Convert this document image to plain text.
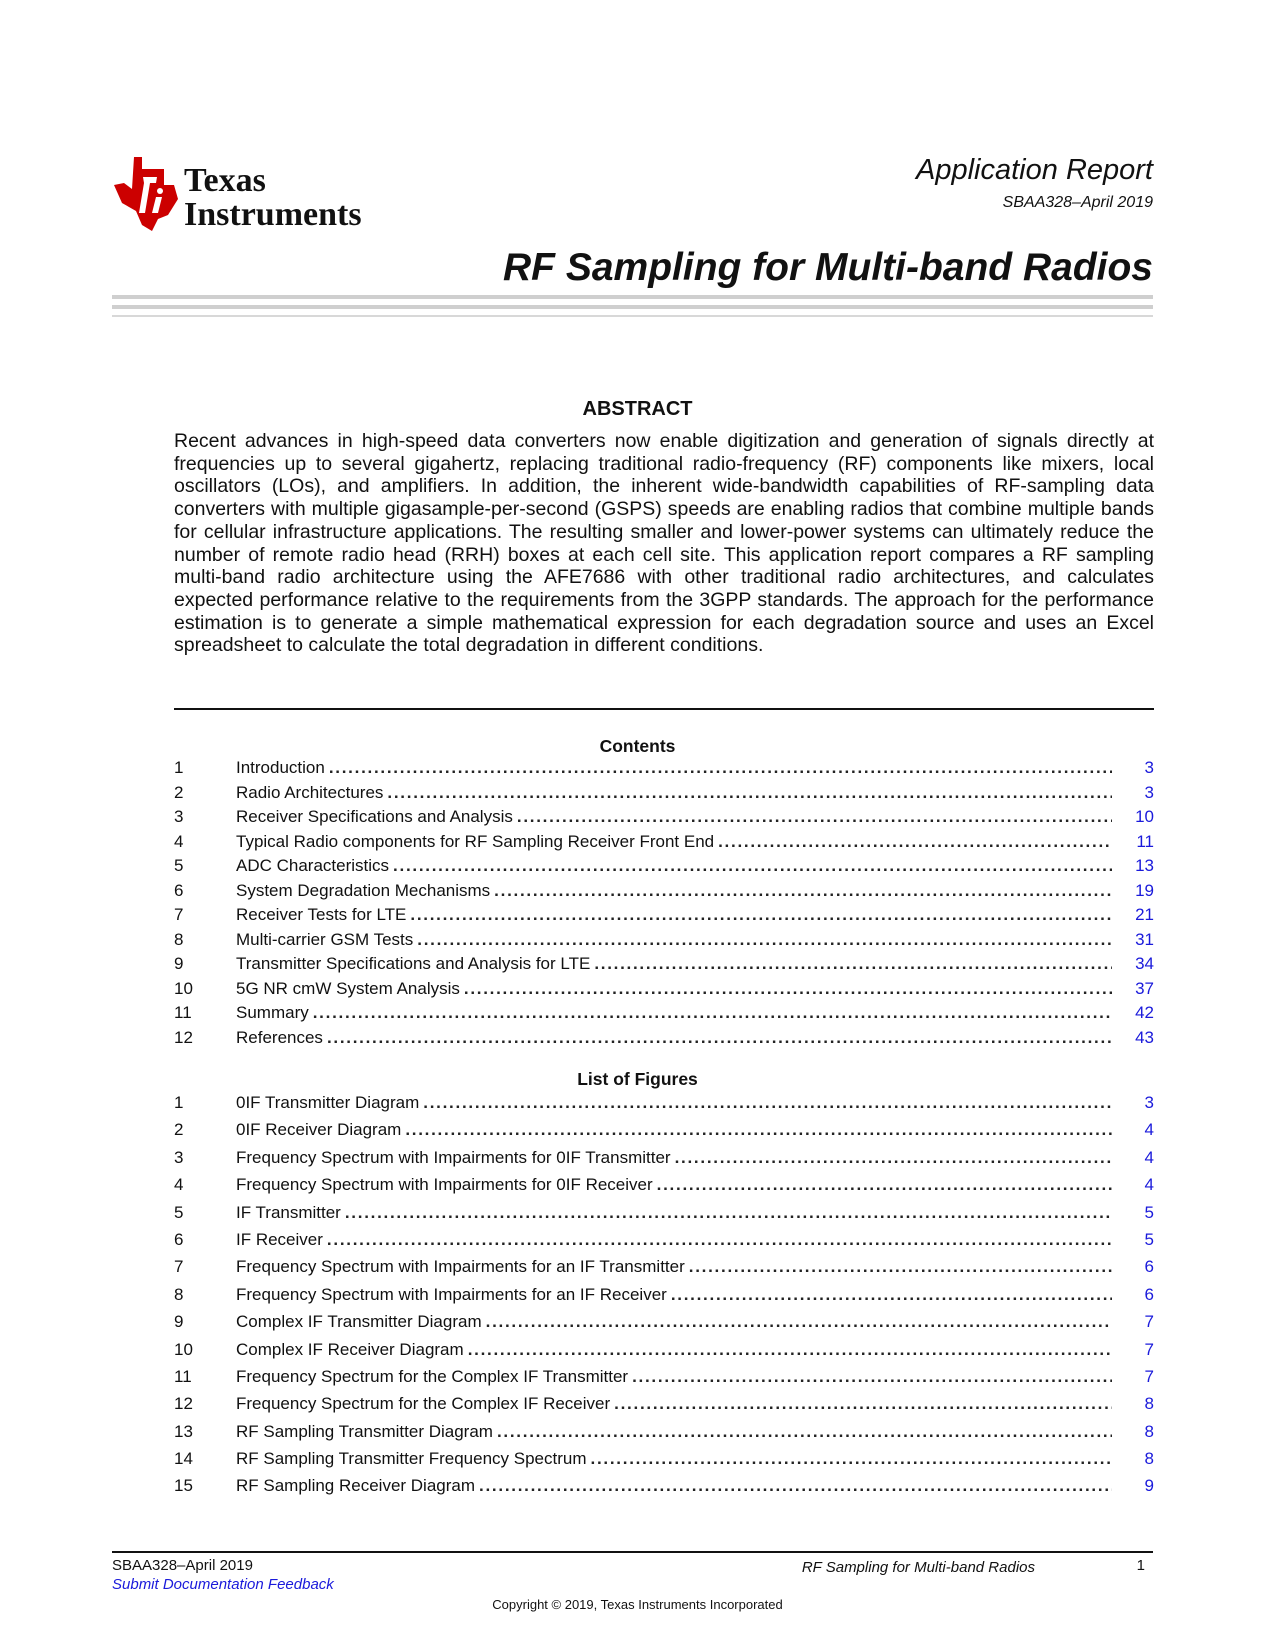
Texas
Instruments
Application Report
SBAA328–April 2019
RF Sampling for Multi-band Radios
ABSTRACT

Recent advances in high-speed data converters now enable digitization and generation of signals directly at frequencies up to several gigahertz, replacing traditional radio-frequency (RF) components like mixers, local oscillators (LOs), and amplifiers. In addition, the inherent wide-bandwidth capabilities of RF-sampling data converters with multiple gigasample-per-second (GSPS) speeds are enabling radios that combine multiple bands for cellular infrastructure applications. The resulting smaller and lower-power systems can ultimately reduce the number of remote radio head (RRH) boxes at each cell site. This application report compares a RF sampling multi-band radio architecture using the AFE7686 with other traditional radio architectures, and calculates expected performance relative to the requirements from the 3GPP standards. The approach for the performance estimation is to generate a simple mathematical expression for each degradation source and uses an Excel spreadsheet to calculate the total degradation in different conditions.

Contents
1	Introduction . . .	3
2	Radio Architectures . . .	3
3	Receiver Specifications and Analysis . . .	10
4	Typical Radio components for RF Sampling Receiver Front End . . .	11
5	ADC Characteristics . . .	13
6	System Degradation Mechanisms . . .	19
7	Receiver Tests for LTE . . .	21
8	Multi-carrier GSM Tests . . .	31
9	Transmitter Specifications and Analysis for LTE . . .	34
10	5G NR cmW System Analysis . . .	37
11	Summary . . .	42
12	References . . .	43
List of Figures
1	0IF Transmitter Diagram . . .	3
2	0IF Receiver Diagram . . .	4
3	Frequency Spectrum with Impairments for 0IF Transmitter . . .	4
4	Frequency Spectrum with Impairments for 0IF Receiver . . .	4
5	IF Transmitter . . .	5
6	IF Receiver . . .	5
7	Frequency Spectrum with Impairments for an IF Transmitter . . .	6
8	Frequency Spectrum with Impairments for an IF Receiver . . .	6
9	Complex IF Transmitter Diagram . . .	7
10	Complex IF Receiver Diagram . . .	7
11	Frequency Spectrum for the Complex IF Transmitter . . .	7
12	Frequency Spectrum for the Complex IF Receiver . . .	8
13	RF Sampling Transmitter Diagram . . .	8
14	RF Sampling Transmitter Frequency Spectrum . . .	8
15	RF Sampling Receiver Diagram . . .	9
SBAA328–April 2019
Submit Documentation Feedback
RF Sampling for Multi-band Radios	1
Copyright © 2019, Texas Instruments Incorporated
